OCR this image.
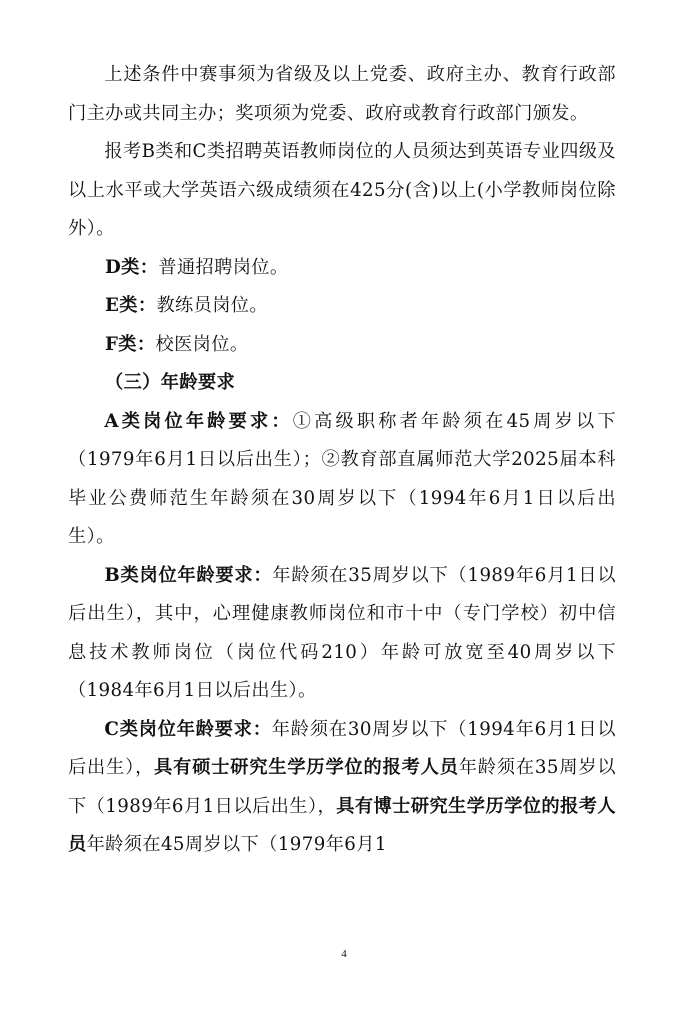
上述条件中赛事须为省级及以上党委、政府主办、教育行政部门主办或共同主办；奖项须为党委、政府或教育行政部门颁发。

报考B类和C类招聘英语教师岗位的人员须达到英语专业四级及以上水平或大学英语六级成绩须在425分(含)以上(小学教师岗位除外）。

D类：普通招聘岗位。

E类：教练员岗位。

F类：校医岗位。

（三）年龄要求

A类岗位年龄要求：①高级职称者年龄须在45周岁以下（1979年6月1日以后出生）；②教育部直属师范大学2025届本科毕业公费师范生年龄须在30周岁以下（1994年6月1日以后出生）。

B类岗位年龄要求：年龄须在35周岁以下（1989年6月1日以后出生），其中，心理健康教师岗位和市十中（专门学校）初中信息技术教师岗位（岗位代码210）年龄可放宽至40周岁以下（1984年6月1日以后出生）。

C类岗位年龄要求：年龄须在30周岁以下（1994年6月1日以后出生），具有硕士研究生学历学位的报考人员年龄须在35周岁以下（1989年6月1日以后出生），具有博士研究生学历学位的报考人员年龄须在45周岁以下（1979年6月1

4
